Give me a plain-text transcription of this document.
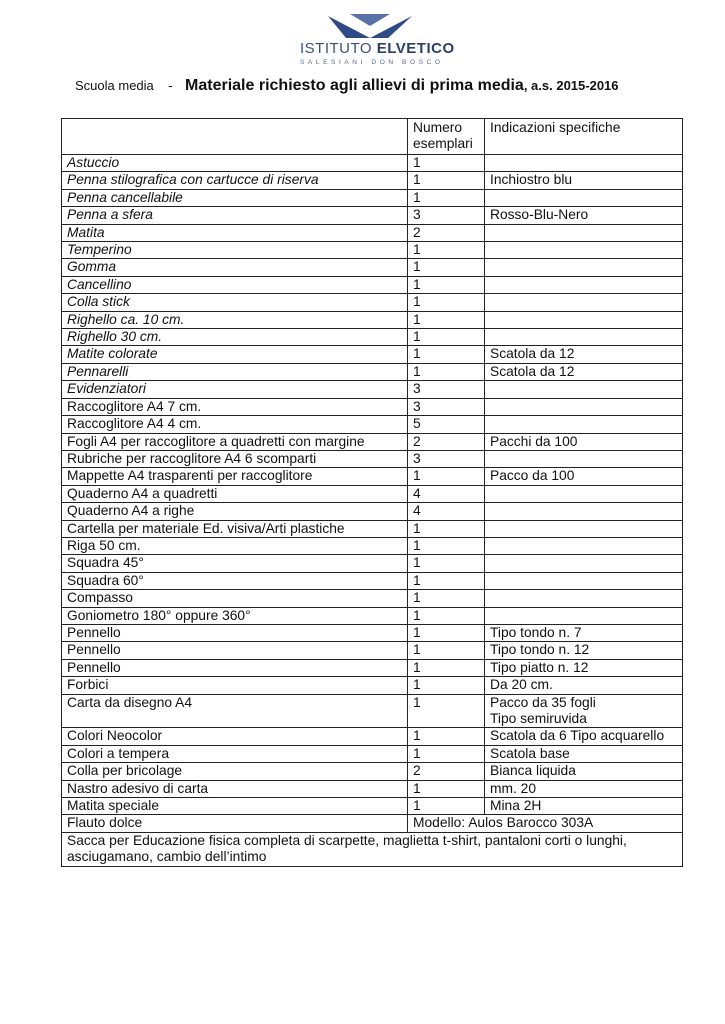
ISTITUTO ELVETICO
SALESIANI DON BOSCO
Scuola media - Materiale richiesto agli allievi di prima media, a.s. 2015-2016
	Numero esemplari	Indicazioni specifiche
Astuccio	1	
Penna stilografica con cartucce di riserva	1	Inchiostro blu
Penna cancellabile	1	
Penna a sfera	3	Rosso-Blu-Nero
Matita	2	
Temperino	1	
Gomma	1	
Cancellino	1	
Colla stick	1	
Righello ca. 10 cm.	1	
Righello 30 cm.	1	
Matite colorate	1	Scatola da 12
Pennarelli	1	Scatola da 12
Evidenziatori	3	
Raccoglitore A4 7 cm.	3	
Raccoglitore A4 4 cm.	5	
Fogli A4 per raccoglitore a quadretti con margine	2	Pacchi da 100
Rubriche per raccoglitore A4 6 scomparti	3	
Mappette A4 trasparenti per raccoglitore	1	Pacco da 100
Quaderno A4 a quadretti	4	
Quaderno A4 a righe	4	
Cartella per materiale Ed. visiva/Arti plastiche	1	
Riga 50 cm.	1	
Squadra 45°	1	
Squadra 60°	1	
Compasso	1	
Goniometro 180° oppure 360°	1	
Pennello	1	Tipo tondo n. 7
Pennello	1	Tipo tondo n. 12
Pennello	1	Tipo piatto n. 12
Forbici	1	Da 20 cm.
Carta da disegno A4	1	Pacco da 35 fogli
Tipo semiruvida

Colori Neocolor	1	Scatola da 6 Tipo acquarello
Colori a tempera	1	Scatola base
Colla per bricolage	2	Bianca liquida
Nastro adesivo di carta	1	mm. 20
Matita speciale	1	Mina 2H
Flauto dolce	Modello: Aulos Barocco 303A	

Sacca per Educazione fisica completa di scarpette, maglietta t-shirt, pantaloni corti o lunghi,
asciugamano, cambio dell’intimo		
